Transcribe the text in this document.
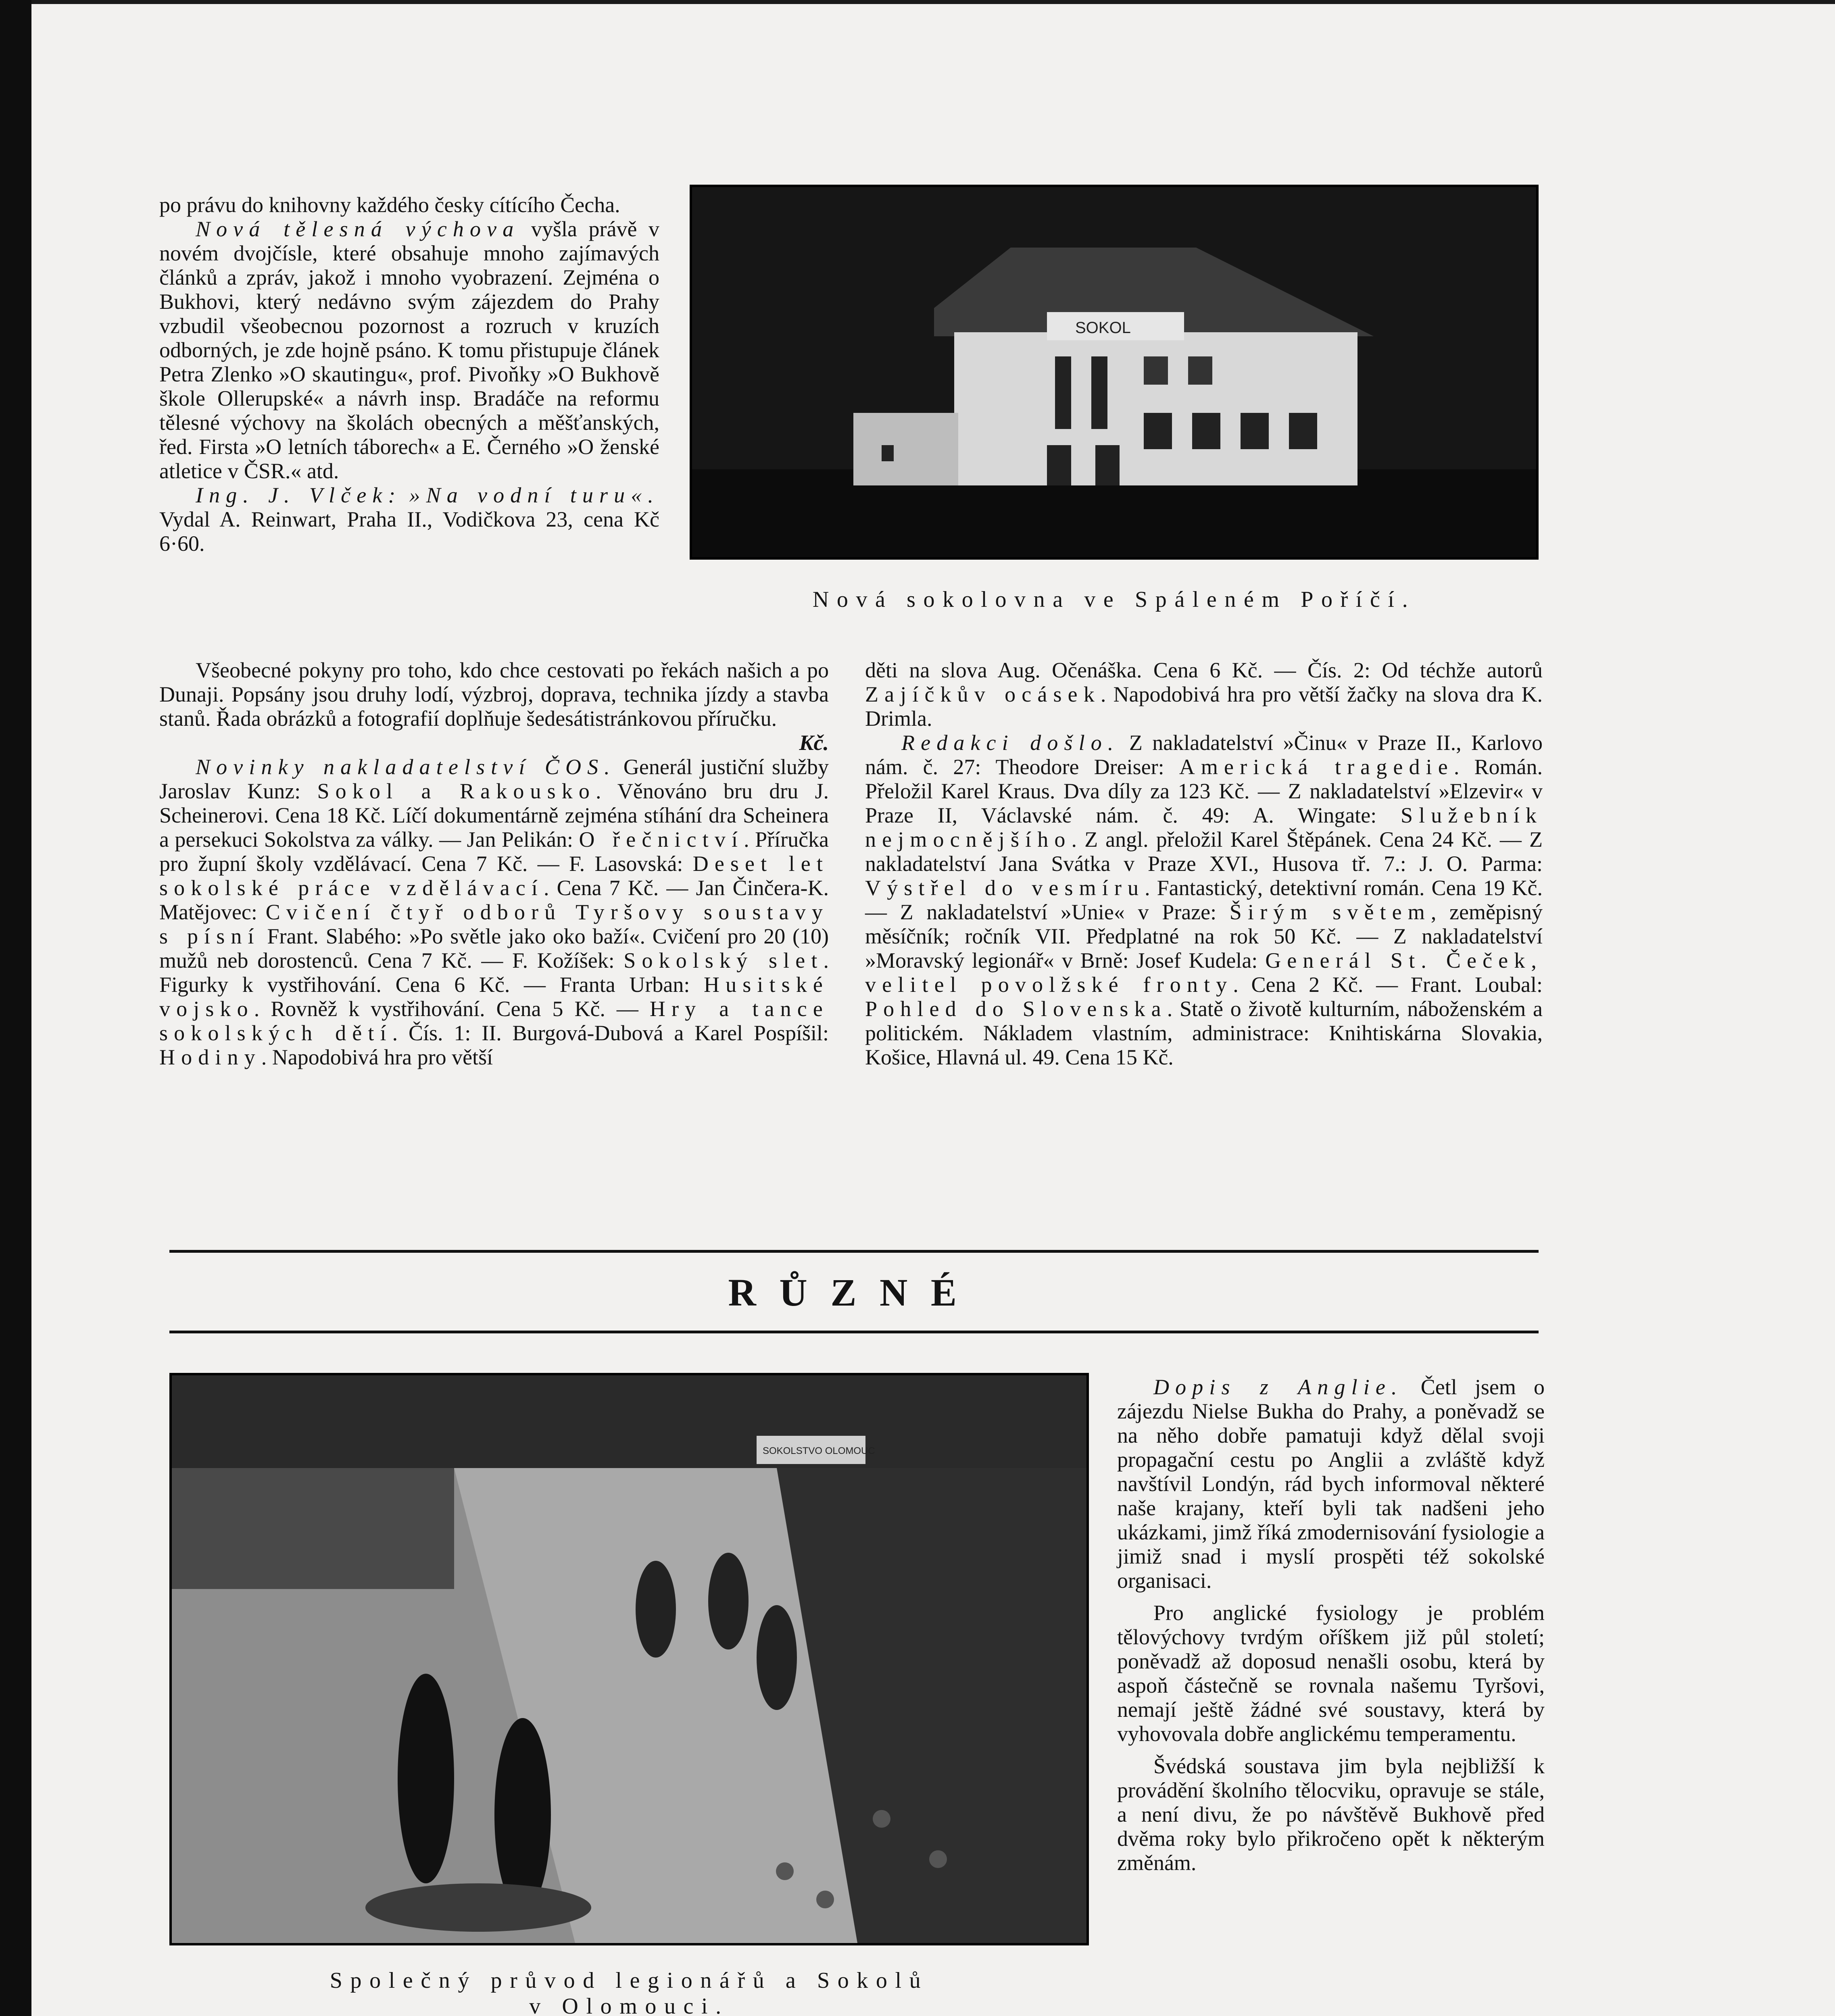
po právu do knihovny každého česky cítícího Čecha.

Nová tělesná výchova vyšla právě v novém dvojčísle, které obsahuje mnoho zajímavých článků a zpráv, jakož i mnoho vyobrazení. Zejména o Bukhovi, který nedávno svým zájezdem do Prahy vzbudil všeobecnou pozornost a rozruch v kruzích odborných, je zde hojně psáno. K tomu přistupuje článek Petra Zlenko »O skautingu«, prof. Pivoňky »O Bukhově škole Ollerupské« a návrh insp. Bradáče na reformu tělesné výchovy na školách obecných a měšťanských, řed. Firsta »O letních táborech« a E. Černého »O ženské atletice v ČSR.« atd.

Ing. J. Vlček: »Na vodní turu«. Vydal A. Reinwart, Praha II., Vodičkova 23, cena Kč 6·60.

SOKOL
Nová sokolovna ve Spáleném Poříčí.

Všeobecné pokyny pro toho, kdo chce cestovati po řekách našich a po Dunaji. Popsány jsou druhy lodí, výzbroj, doprava, technika jízdy a stavba stanů. Řada obrázků a fotografií doplňuje šedesátistránkovou příručku.
Kč.

Novinky nakladatelství ČOS. Generál justiční služby Jaroslav Kunz: Sokol a Rakousko. Věnováno bru dru J. Scheinerovi. Cena 18 Kč. Líčí dokumentárně zejména stíhání dra Scheinera a persekuci Sokolstva za války. — Jan Pelikán: O řečnictví. Příručka pro župní školy vzdělávací. Cena 7 Kč. — F. Lasovská: Deset let sokolské práce vzdělávací. Cena 7 Kč. — Jan Činčera-K. Matějovec: Cvičení čtyř odborů Tyršovy soustavy s písní Frant. Slabého: »Po světle jako oko baží«. Cvičení pro 20 (10) mužů neb dorostenců. Cena 7 Kč. — F. Kožíšek: Sokolský slet. Figurky k vystřihování. Cena 6 Kč. — Franta Urban: Husitské vojsko. Rovněž k vystřihování. Cena 5 Kč. — Hry a tance sokolských dětí. Čís. 1: II. Burgová-Dubová a Karel Pospíšil: Hodiny. Napodobivá hra pro větší

děti na slova Aug. Očenáška. Cena 6 Kč. — Čís. 2: Od téchže autorů Zajíčkův ocásek. Napodobivá hra pro větší žačky na slova dra K. Drimla.

Redakci došlo. Z nakladatelství »Činu« v Praze II., Karlovo nám. č. 27: Theodore Dreiser: Americká tragedie. Román. Přeložil Karel Kraus. Dva díly za 123 Kč. — Z nakladatelství »Elzevir« v Praze II, Václavské nám. č. 49: A. Wingate: Služebník nejmocnějšího. Z angl. přeložil Karel Štěpánek. Cena 24 Kč. — Z nakladatelství Jana Svátka v Praze XVI., Husova tř. 7.: J. O. Parma: Výstřel do vesmíru. Fantastický, detektivní román. Cena 19 Kč. — Z nakladatelství »Unie« v Praze: Širým světem, zeměpisný měsíčník; ročník VII. Předplatné na rok 50 Kč. — Z nakladatelství »Moravský legionář« v Brně: Josef Kudela: Generál St. Čeček, velitel povolžské fronty. Cena 2 Kč. — Frant. Loubal: Pohled do Slovenska. Statě o životě kulturním, náboženském a politickém. Nákladem vlastním, administrace: Knihtiskárna Slovakia, Košice, Hlavná ul. 49. Cena 15 Kč.

RŮZNÉ
SOKOLSTVO OLOMOUC
Společný průvod legionářů a Sokolů
v Olomouci.

Dopis z Anglie. Četl jsem o zájezdu Nielse Bukha do Prahy, a poněvadž se na něho dobře pamatuji když dělal svoji propagační cestu po Anglii a zvláště když navštívil Londýn, rád bych informoval některé naše krajany, kteří byli tak nadšeni jeho ukázkami, jimž říká zmodernisování fysiologie a jimiž snad i myslí prospěti též sokolské organisaci.

Pro anglické fysiology je problém tělovýchovy tvrdým oříškem již půl století; poněvadž až doposud nenašli osobu, která by aspoň částečně se rovnala našemu Tyršovi, nemají ještě žádné své soustavy, která by vyhovovala dobře anglickému temperamentu.

Švédská soustava jim byla nejbližší k provádění školního tělocviku, opravuje se stále, a není divu, že po návštěvě Bukhově před dvěma roky bylo přikročeno opět k některým změnám.
